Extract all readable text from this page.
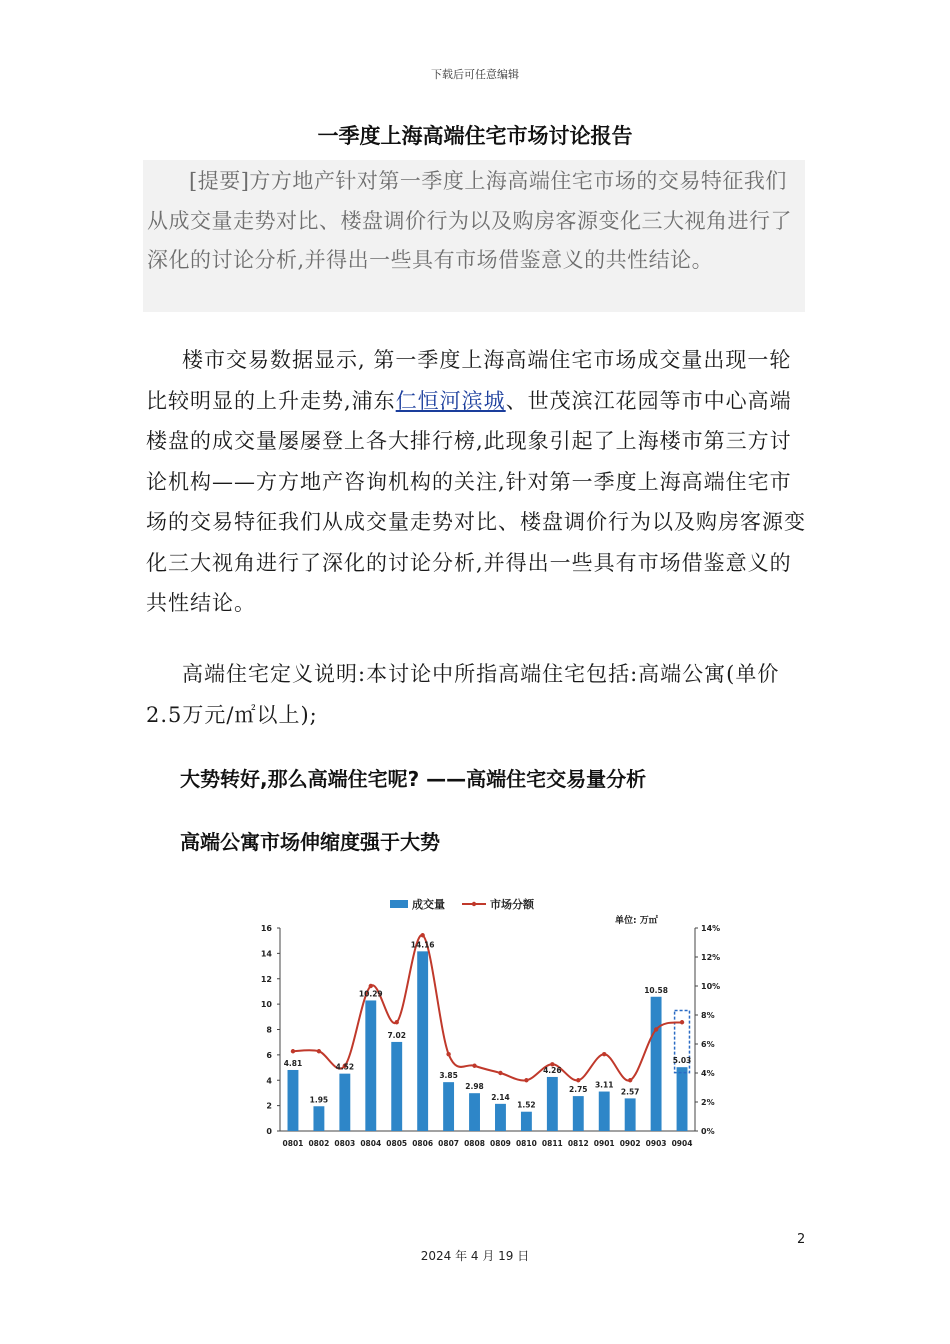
下载后可任意编辑
一季度上海高端住宅市场讨论报告

[提要]方方地产针对第一季度上海高端住宅市场的交易特征我们从成交量走势对比、楼盘调价行为以及购房客源变化三大视角进行了深化的讨论分析,并得出一些具有市场借鉴意义的共性结论。

楼市交易数据显示, 第一季度上海高端住宅市场成交量出现一轮比较明显的上升走势,浦东仁恒河滨城、世茂滨江花园等市中心高端楼盘的成交量屡屡登上各大排行榜,此现象引起了上海楼市第三方讨论机构——方方地产咨询机构的关注,针对第一季度上海高端住宅市场的交易特征我们从成交量走势对比、楼盘调价行为以及购房客源变化三大视角进行了深化的讨论分析,并得出一些具有市场借鉴意义的共性结论。

高端住宅定义说明:本讨论中所指高端住宅包括:高端公寓(单价2.5万元/㎡以上);

大势转好,那么高端住宅呢? ——高端住宅交易量分析
高端公寓市场伸缩度强于大势
0
2
4
6
8
10
12
14
16
0%
2%
4%
6%
8%
10%
12%
14%
4.81
1.95
4.52
10.29
7.02
14.16
3.85
2.98
2.14
1.52
4.26
2.75
3.11
2.57
10.58
5.03
0801 0802 0803 0804 0805 0806 0807 0808 0809 0810 0811 0812 0901 0902 0903 0904
成交量	市场分额
单位: 万㎡
2
2024 年 4 月 19 日
